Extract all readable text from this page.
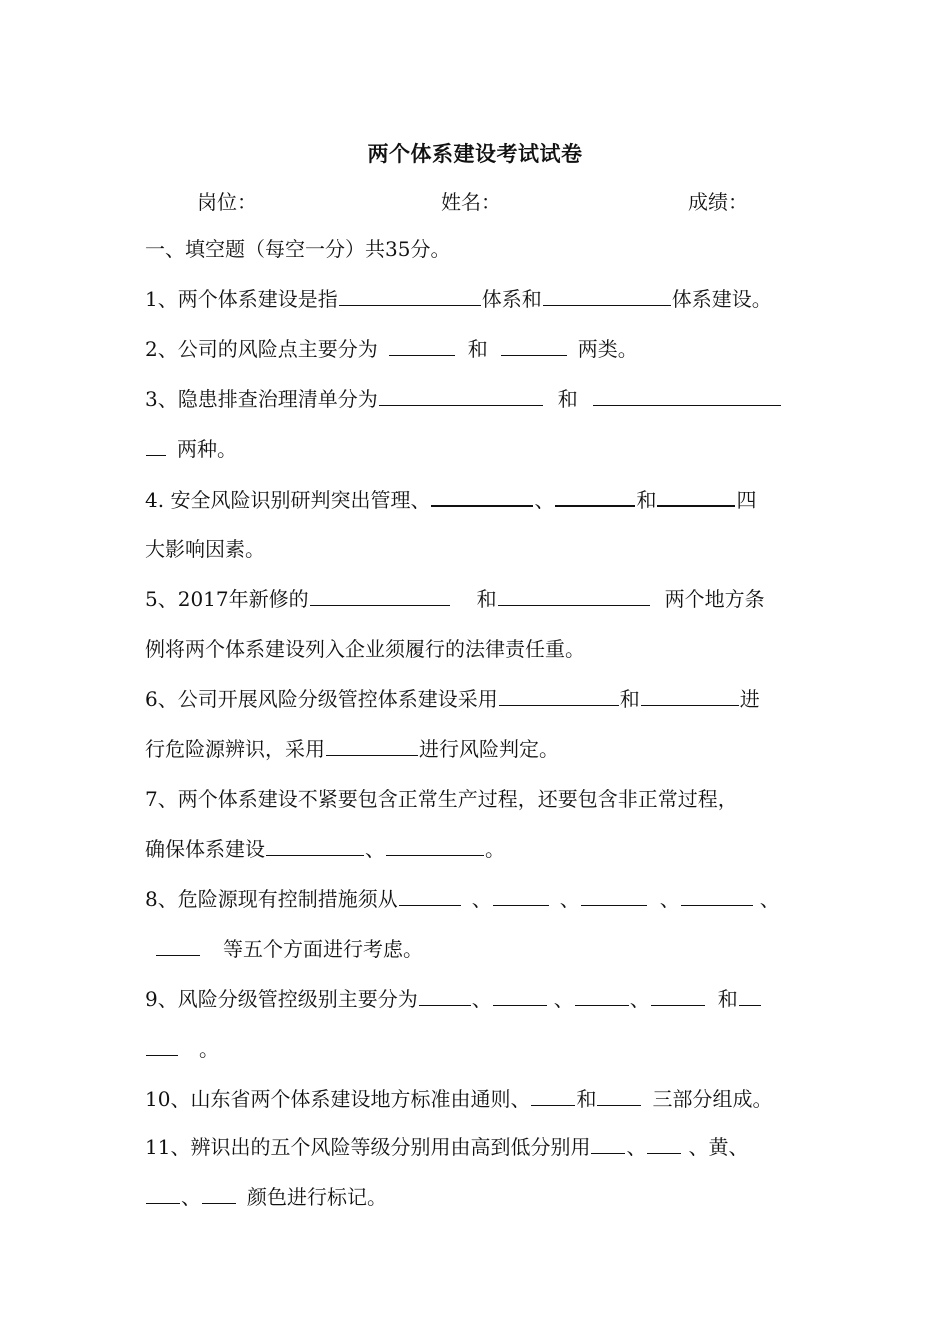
两个体系建设考试试卷
岗位：	姓名：	成绩：
一、填空题（每空一分）共35分。
1、两个体系建设是指	体系和	体系建设。
2、公司的风险点主要分为	和	两类。
3、隐患排查治理清单分为	和
两种。
4. 安全风险识别研判突出管理、	、	和	四
大影响因素。
5、2017年新修的	和	两个地方条
例将两个体系建设列入企业须履行的法律责任重。
6、公司开展风险分级管控体系建设采用	和	进
行危险源辨识，采用	进行风险判定。
7、两个体系建设不紧要包含正常生产过程，还要包含非正常过程，
确保体系建设	、	。
8、危险源现有控制措施须从	、	、	、	、
等五个方面进行考虑。
9、风险分级管控级别主要分为	、	、	、	和
。
10、山东省两个体系建设地方标准由通则、 和	三部分组成。
11、辨识出的五个风险等级分别用由高到低分别用 、 、黄、
、 颜色进行标记。
